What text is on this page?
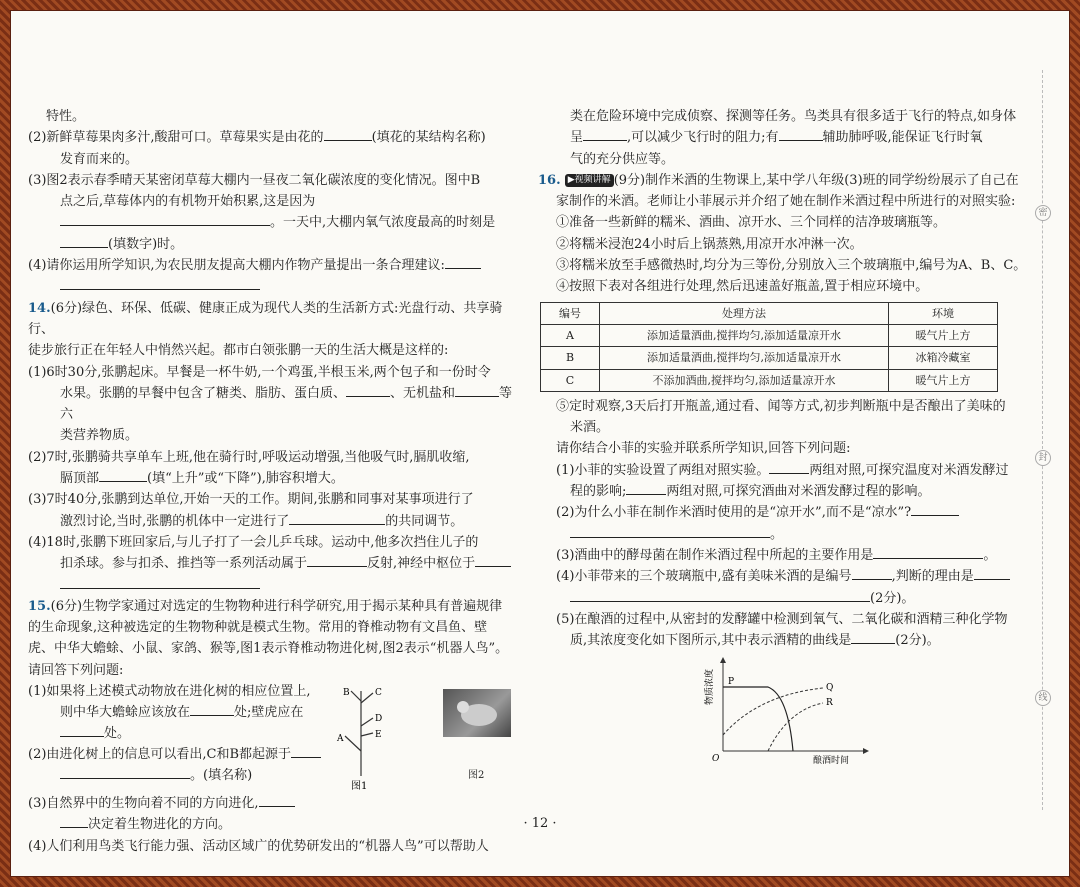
特性。

(2)新鲜草莓果肉多汁,酸甜可口。草莓果实是由花的	(填花的某结构名称)

发育而来的。

(3)图2表示春季晴天某密闭草莓大棚内一昼夜二氧化碳浓度的变化情况。图中B

点之后,草莓体内的有机物开始积累,这是因为

。一天中,大棚内氧气浓度最高的时刻是

(填数字)时。

(4)请你运用所学知识,为农民朋友提高大棚内作物产量提出一条合理建议:

14.(6分)绿色、环保、低碳、健康正成为现代人类的生活新方式:光盘行动、共享骑行、

徒步旅行正在年轻人中悄然兴起。都市白领张鹏一天的生活大概是这样的:

(1)6时30分,张鹏起床。早餐是一杯牛奶,一个鸡蛋,半根玉米,两个包子和一份时令

水果。张鹏的早餐中包含了糖类、脂肪、蛋白质、	、无机盐和	等六

类营养物质。

(2)7时,张鹏骑共享单车上班,他在骑行时,呼吸运动增强,当他吸气时,膈肌收缩,

膈顶部	(填“上升”或“下降”),肺容积增大。

(3)7时40分,张鹏到达单位,开始一天的工作。期间,张鹏和同事对某事项进行了

激烈讨论,当时,张鹏的机体中一定进行了	的共同调节。

(4)18时,张鹏下班回家后,与儿子打了一会儿乒乓球。运动中,他多次挡住儿子的

扣杀球。参与扣杀、推挡等一系列活动属于	反射,神经中枢位于

15.(6分)生物学家通过对选定的生物物种进行科学研究,用于揭示某种具有普遍规律

的生命现象,这种被选定的生物物种就是模式生物。常用的脊椎动物有文昌鱼、壁

虎、中华大蟾蜍、小鼠、家鸽、猴等,图1表示脊椎动物进化树,图2表示“机器人鸟”。

请回答下列问题:

(1)如果将上述模式动物放在进化树的相应位置上,

则中华大蟾蜍应该放在	处;壁虎应在

处。

(2)由进化树上的信息可以看出,C和B都起源于

。(填名称)

A
B	C
D
E
图1
图2

(3)自然界中的生物向着不同的方向进化,

决定着生物进化的方向。

(4)人们利用鸟类飞行能力强、活动区域广的优势研发出的“机器人鸟”可以帮助人

类在危险环境中完成侦察、探测等任务。鸟类具有很多适于飞行的特点,如身体

呈	,可以减少飞行时的阻力;有	辅助肺呼吸,能保证飞行时氧

气的充分供应等。

16. ▶视频讲解 (9分)制作米酒的生物课上,某中学八年级(3)班的同学纷纷展示了自己在

家制作的米酒。老师让小菲展示并介绍了她在制作米酒过程中所进行的对照实验:

①准备一些新鲜的糯米、酒曲、凉开水、三个同样的洁净玻璃瓶等。

②将糯米浸泡24小时后上锅蒸熟,用凉开水冲淋一次。

③将糯米放至手感微热时,均分为三等份,分别放入三个玻璃瓶中,编号为A、B、C。

④按照下表对各组进行处理,然后迅速盖好瓶盖,置于相应环境中。

编号	处理方法	环境
A	添加适量酒曲,搅拌均匀,添加适量凉开水	暖气片上方
B	添加适量酒曲,搅拌均匀,添加适量凉开水	冰箱冷藏室
C	不添加酒曲,搅拌均匀,添加适量凉开水	暖气片上方

⑤定时观察,3天后打开瓶盖,通过看、闻等方式,初步判断瓶中是否酿出了美味的

米酒。

请你结合小菲的实验并联系所学知识,回答下列问题:

(1)小菲的实验设置了两组对照实验。	两组对照,可探究温度对米酒发酵过

程的影响;	两组对照,可探究酒曲对米酒发酵过程的影响。

(2)为什么小菲在制作米酒时使用的是“凉开水”,而不是“凉水”?

。

(3)酒曲中的酵母菌在制作米酒过程中所起的主要作用是	。

(4)小菲带来的三个玻璃瓶中,盛有美味米酒的是编号	,判断的理由是

(2分)。

(5)在酿酒的过程中,从密封的发酵罐中检测到氧气、二氧化碳和酒精三种化学物

质,其浓度变化如下图所示,其中表示酒精的曲线是	(2分)。

P
Q
R
O	酿酒时间
物质浓度
密
封
线
· 12 ·
